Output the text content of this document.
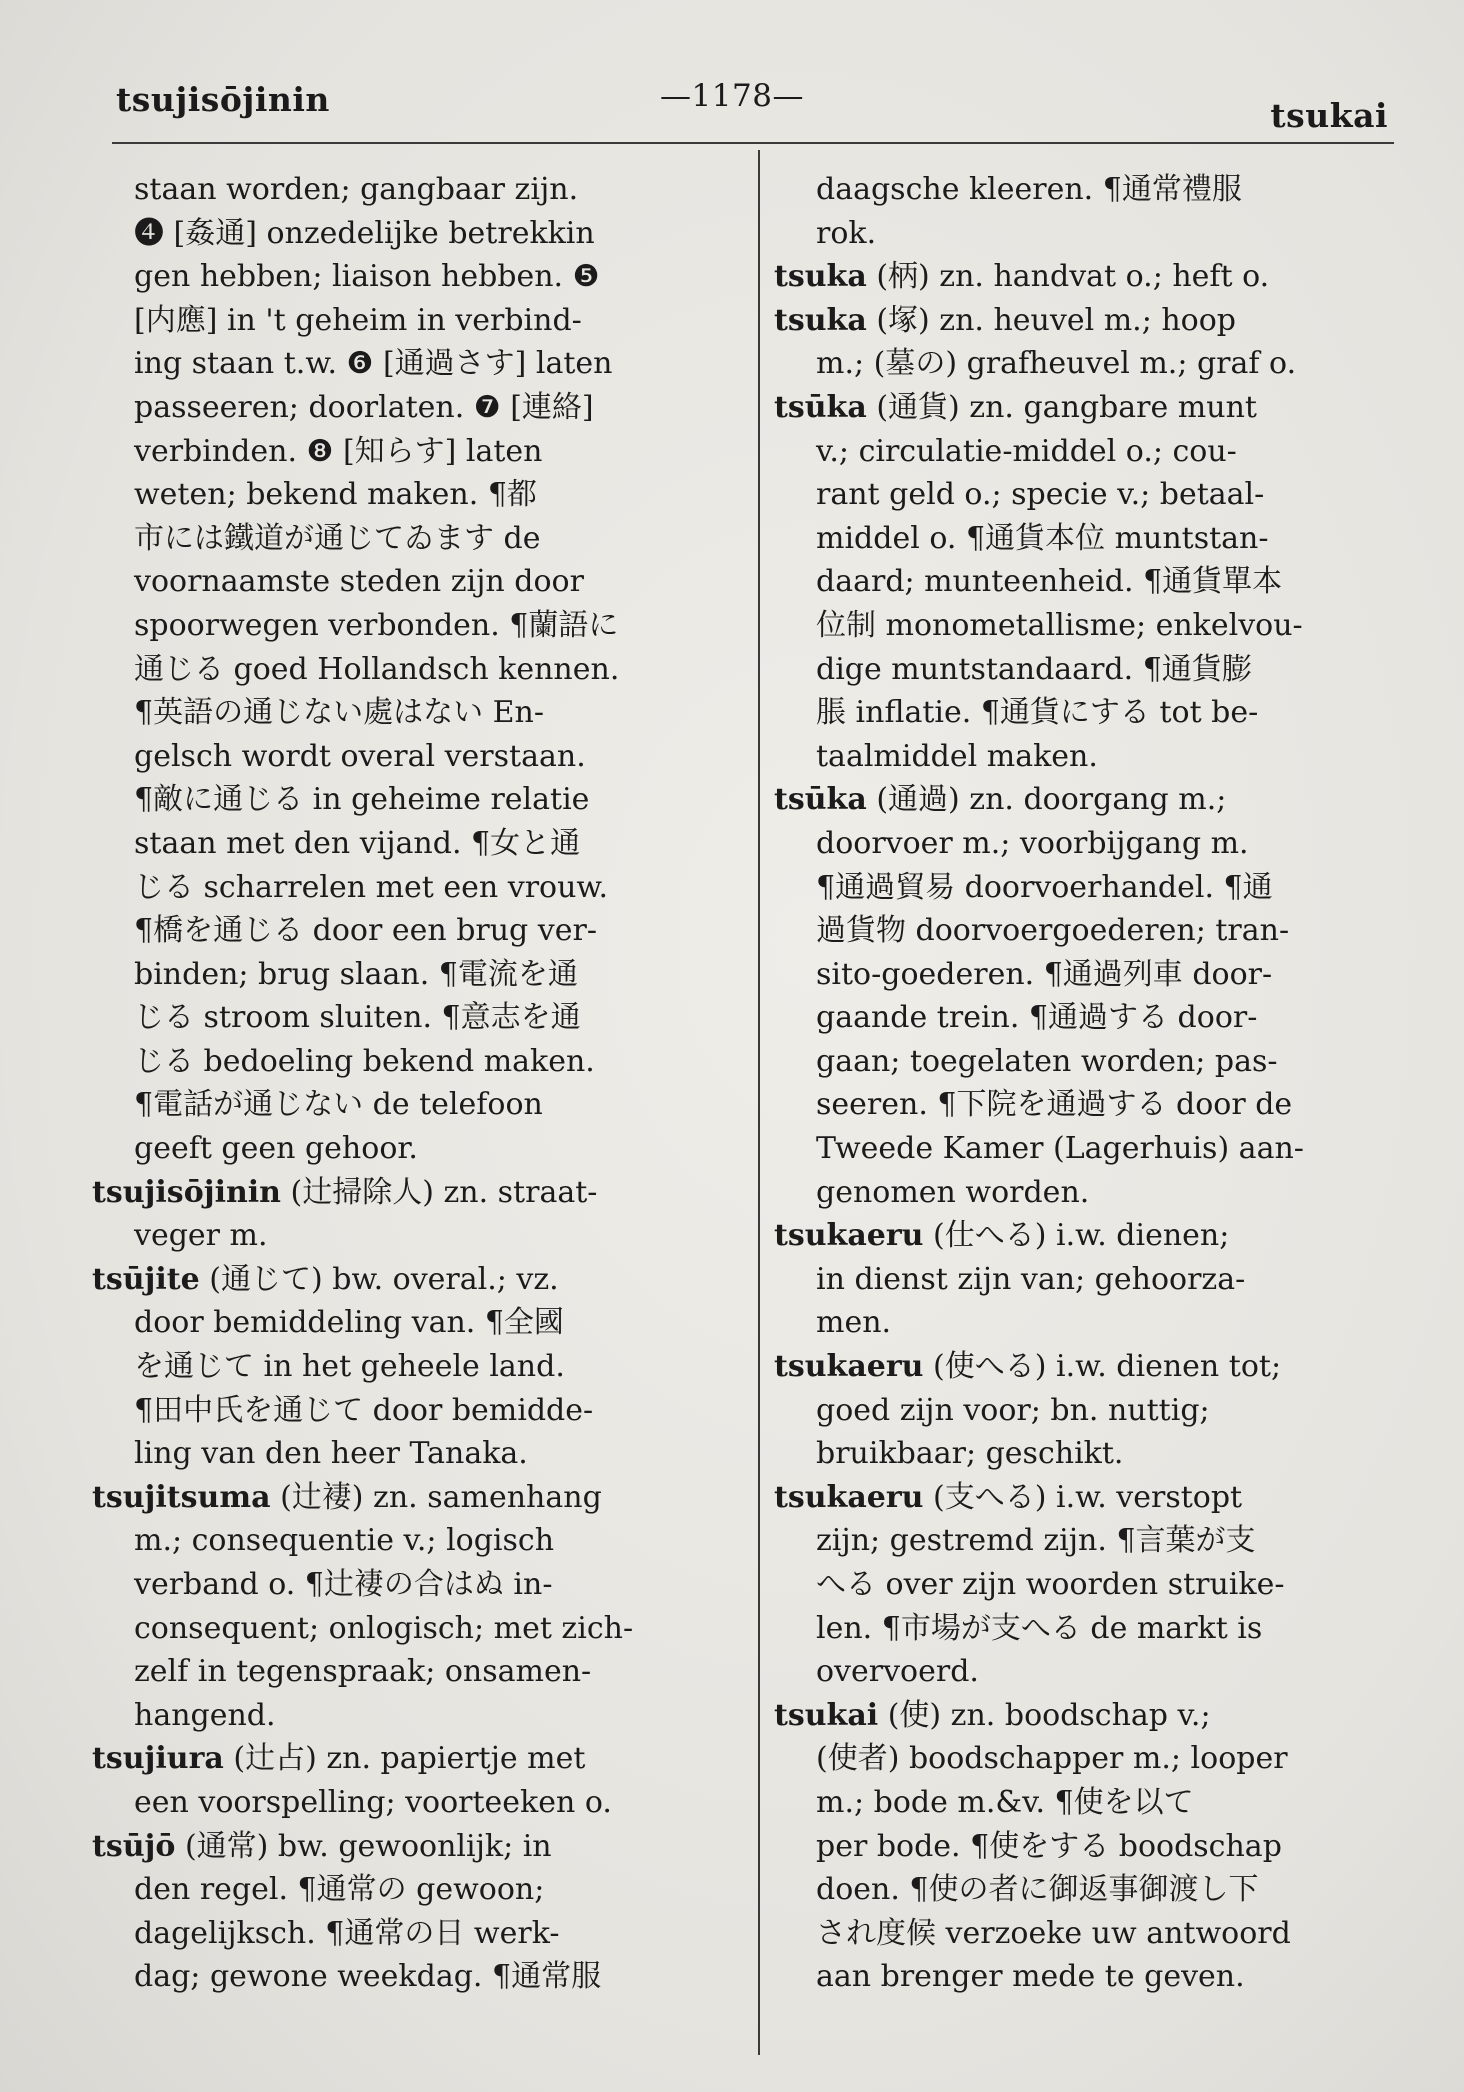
tsujisōjinin	—1178—	tsukai
staan worden; gangbaar zijn.
❹ [姦通] onzedelijke betrekkin
gen hebben; liaison hebben. ❺
[内應] in 't geheim in verbind-
ing staan t.w. ❻ [通過さす] laten
passeeren; doorlaten. ❼ [連絡]
verbinden. ❽ [知らす] laten
weten; bekend maken. ¶都
市には鐵道が通じてゐます de
voornaamste steden zijn door
spoorwegen verbonden. ¶蘭語に
通じる goed Hollandsch kennen.
¶英語の通じない處はない En-
gelsch wordt overal verstaan.
¶敵に通じる in geheime relatie
staan met den vijand. ¶女と通
じる scharrelen met een vrouw.
¶橋を通じる door een brug ver-
binden; brug slaan. ¶電流を通
じる stroom sluiten. ¶意志を通
じる bedoeling bekend maken.
¶電話が通じない de telefoon
geeft geen gehoor.
tsujisōjinin (辻掃除人) zn. straat-
veger m.
tsūjite (通じて) bw. overal.; vz.
door bemiddeling van. ¶全國
を通じて in het geheele land.
¶田中氏を通じて door bemidde-
ling van den heer Tanaka.
tsujitsuma (辻褄) zn. samenhang
m.; consequentie v.; logisch
verband o. ¶辻褄の合はぬ in-
consequent; onlogisch; met zich-
zelf in tegenspraak; onsamen-
hangend.
tsujiura (辻占) zn. papiertje met
een voorspelling; voorteeken o.
tsūjō (通常) bw. gewoonlijk; in
den regel. ¶通常の gewoon;
dagelijksch. ¶通常の日 werk-
dag; gewone weekdag. ¶通常服
daagsche kleeren. ¶通常禮服
rok.
tsuka (柄) zn. handvat o.; heft o.
tsuka (塚) zn. heuvel m.; hoop
m.; (墓の) grafheuvel m.; graf o.
tsūka (通貨) zn. gangbare munt
v.; circulatie-middel o.; cou-
rant geld o.; specie v.; betaal-
middel o. ¶通貨本位 muntstan-
daard; munteenheid. ¶通貨單本
位制 monometallisme; enkelvou-
dige muntstandaard. ¶通貨膨
脹 inflatie. ¶通貨にする tot be-
taalmiddel maken.
tsūka (通過) zn. doorgang m.;
doorvoer m.; voorbijgang m.
¶通過貿易 doorvoerhandel. ¶通
過貨物 doorvoergoederen; tran-
sito-goederen. ¶通過列車 door-
gaande trein. ¶通過する door-
gaan; toegelaten worden; pas-
seeren. ¶下院を通過する door de
Tweede Kamer (Lagerhuis) aan-
genomen worden.
tsukaeru (仕へる) i.w. dienen;
in dienst zijn van; gehoorza-
men.
tsukaeru (使へる) i.w. dienen tot;
goed zijn voor; bn. nuttig;
bruikbaar; geschikt.
tsukaeru (支へる) i.w. verstopt
zijn; gestremd zijn. ¶言葉が支
へる over zijn woorden struike-
len. ¶市場が支へる de markt is
overvoerd.
tsukai (使) zn. boodschap v.;
(使者) boodschapper m.; looper
m.; bode m.&v. ¶使を以て
per bode. ¶使をする boodschap
doen. ¶使の者に御返事御渡し下
され度候 verzoeke uw antwoord
aan brenger mede te geven.
